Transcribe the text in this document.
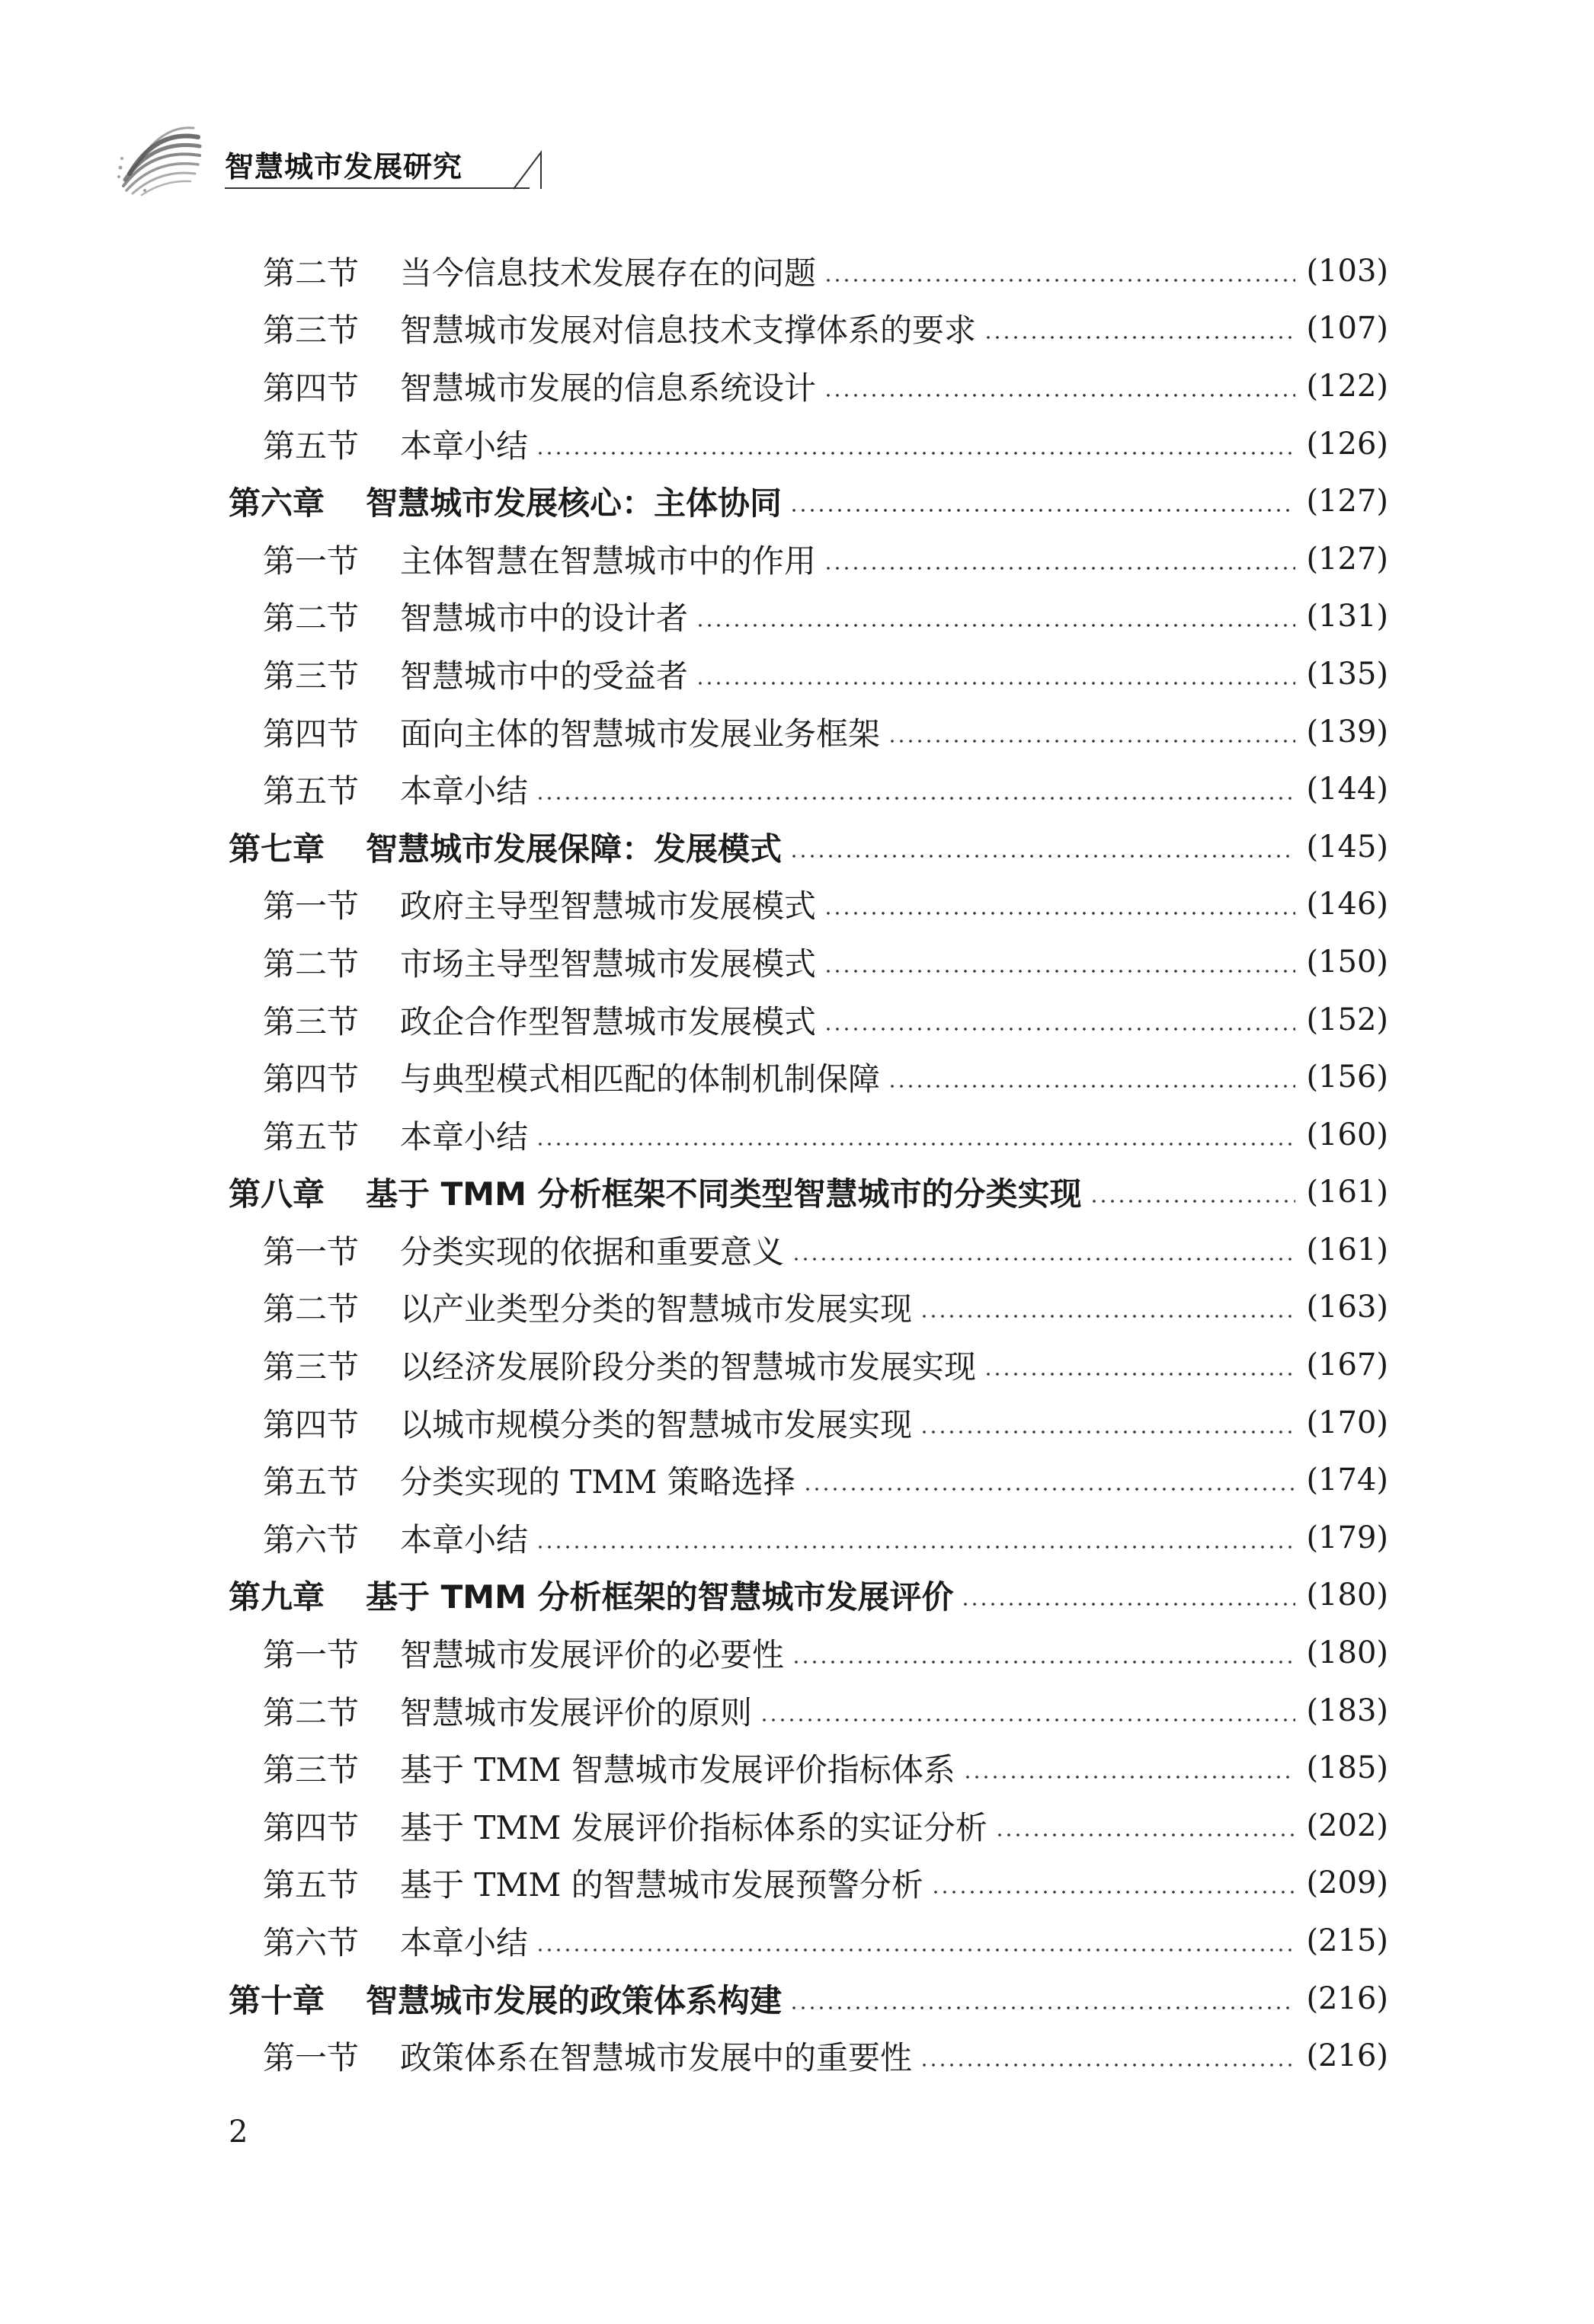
智慧城市发展研究
第二节	当今信息技术发展存在的问题	(103)
第三节	智慧城市发展对信息技术支撑体系的要求	(107)
第四节	智慧城市发展的信息系统设计	(122)
第五节	本章小结	(126)
第六章	智慧城市发展核心：主体协同	(127)
第一节	主体智慧在智慧城市中的作用	(127)
第二节	智慧城市中的设计者	(131)
第三节	智慧城市中的受益者	(135)
第四节	面向主体的智慧城市发展业务框架	(139)
第五节	本章小结	(144)
第七章	智慧城市发展保障：发展模式	(145)
第一节	政府主导型智慧城市发展模式	(146)
第二节	市场主导型智慧城市发展模式	(150)
第三节	政企合作型智慧城市发展模式	(152)
第四节	与典型模式相匹配的体制机制保障	(156)
第五节	本章小结	(160)
第八章	基于 TMM 分析框架不同类型智慧城市的分类实现	(161)
第一节	分类实现的依据和重要意义	(161)
第二节	以产业类型分类的智慧城市发展实现	(163)
第三节	以经济发展阶段分类的智慧城市发展实现	(167)
第四节	以城市规模分类的智慧城市发展实现	(170)
第五节	分类实现的 TMM 策略选择	(174)
第六节	本章小结	(179)
第九章	基于 TMM 分析框架的智慧城市发展评价	(180)
第一节	智慧城市发展评价的必要性	(180)
第二节	智慧城市发展评价的原则	(183)
第三节	基于 TMM 智慧城市发展评价指标体系	(185)
第四节	基于 TMM 发展评价指标体系的实证分析	(202)
第五节	基于 TMM 的智慧城市发展预警分析	(209)
第六节	本章小结	(215)
第十章	智慧城市发展的政策体系构建	(216)
第一节	政策体系在智慧城市发展中的重要性	(216)
2
